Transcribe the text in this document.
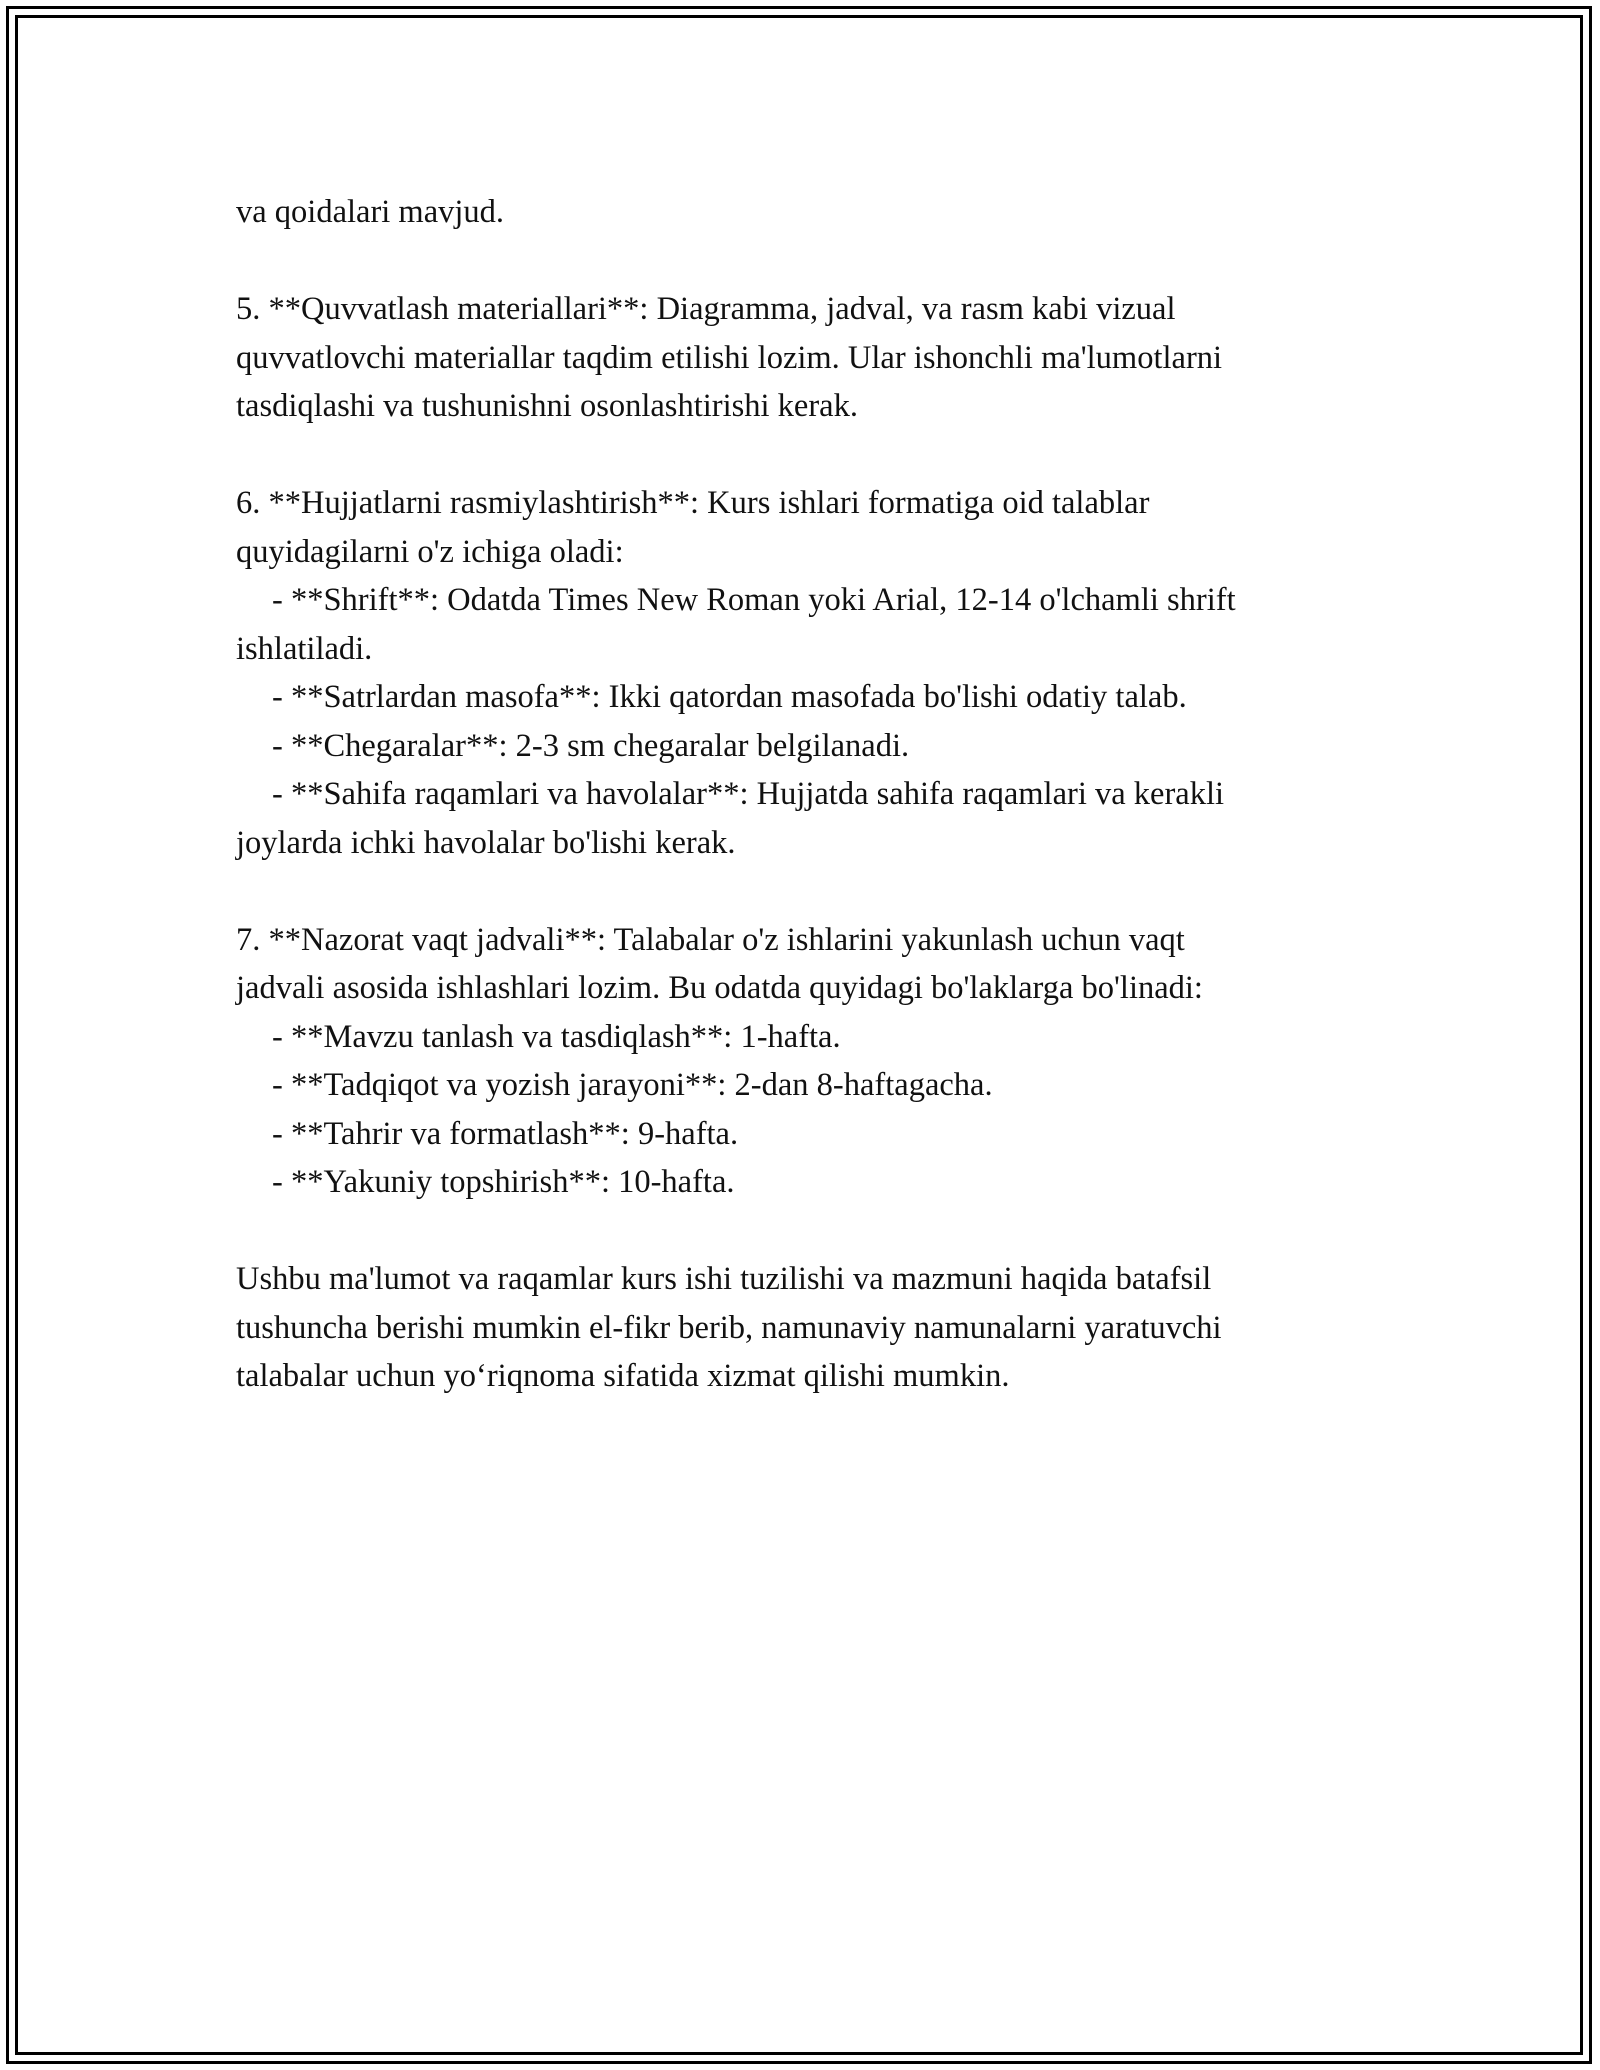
va qoidalari mavjud.
5. **Quvvatlash materiallari**: Diagramma, jadval, va rasm kabi vizual
quvvatlovchi materiallar taqdim etilishi lozim. Ular ishonchli ma'lumotlarni
tasdiqlashi va tushunishni osonlashtirishi kerak.
6. **Hujjatlarni rasmiylashtirish**: Kurs ishlari formatiga oid talablar
quyidagilarni o'z ichiga oladi:
- **Shrift**: Odatda Times New Roman yoki Arial, 12-14 o'lchamli shrift
ishlatiladi.
- **Satrlardan masofa**: Ikki qatordan masofada bo'lishi odatiy talab.
- **Chegaralar**: 2-3 sm chegaralar belgilanadi.
- **Sahifa raqamlari va havolalar**: Hujjatda sahifa raqamlari va kerakli
joylarda ichki havolalar bo'lishi kerak.
7. **Nazorat vaqt jadvali**: Talabalar o'z ishlarini yakunlash uchun vaqt
jadvali asosida ishlashlari lozim. Bu odatda quyidagi bo'laklarga bo'linadi:
- **Mavzu tanlash va tasdiqlash**: 1-hafta.
- **Tadqiqot va yozish jarayoni**: 2-dan 8-haftagacha.
- **Tahrir va formatlash**: 9-hafta.
- **Yakuniy topshirish**: 10-hafta.
Ushbu ma'lumot va raqamlar kurs ishi tuzilishi va mazmuni haqida batafsil
tushuncha berishi mumkin el-fikr berib, namunaviy namunalarni yaratuvchi
talabalar uchun yo‘riqnoma sifatida xizmat qilishi mumkin.
